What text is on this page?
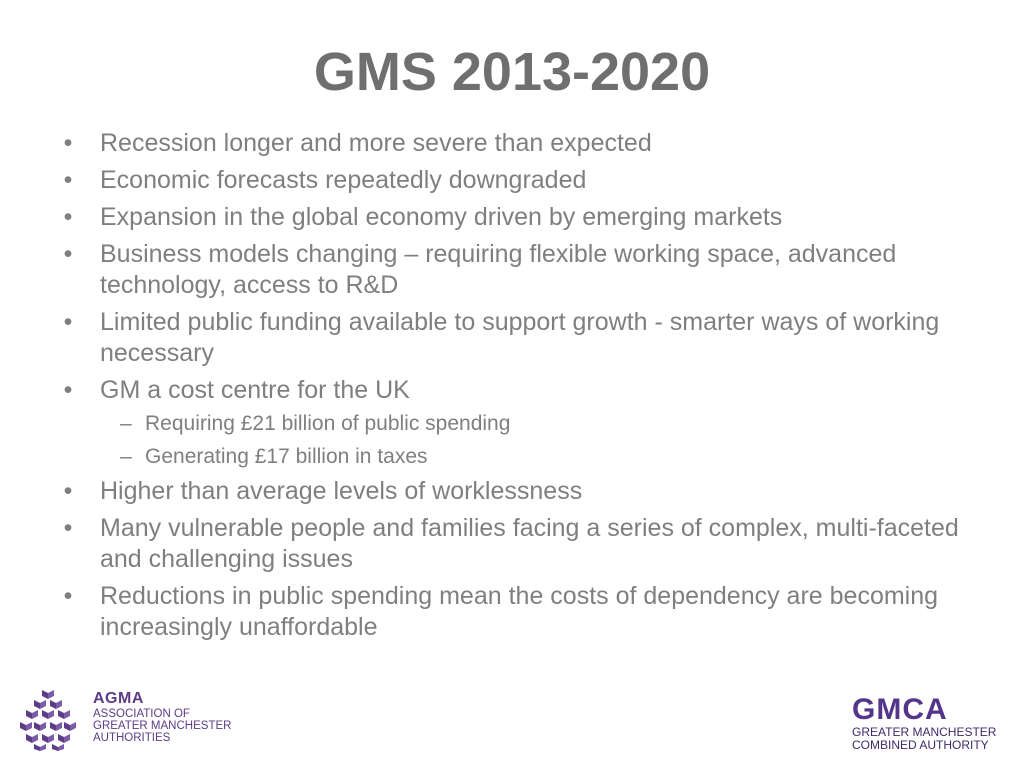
GMS 2013-2020
• Recession longer and more severe than expected
• Economic forecasts repeatedly downgraded
• Expansion in the global economy driven by emerging markets
• Business models changing – requiring flexible working space, advanced technology, access to R&D
• Limited public funding available to support growth - smarter ways of working necessary
• GM a cost centre for the UK
– Requiring £21 billion of public spending
– Generating £17 billion in taxes
• Higher than average levels of worklessness
• Many vulnerable people and families facing a series of complex, multi-faceted and challenging issues
• Reductions in public spending mean the costs of dependency are becoming increasingly unaffordable
AGMA
ASSOCIATION OF
GREATER MANCHESTER
AUTHORITIES
GMCA
GREATER MANCHESTER
COMBINED AUTHORITY
